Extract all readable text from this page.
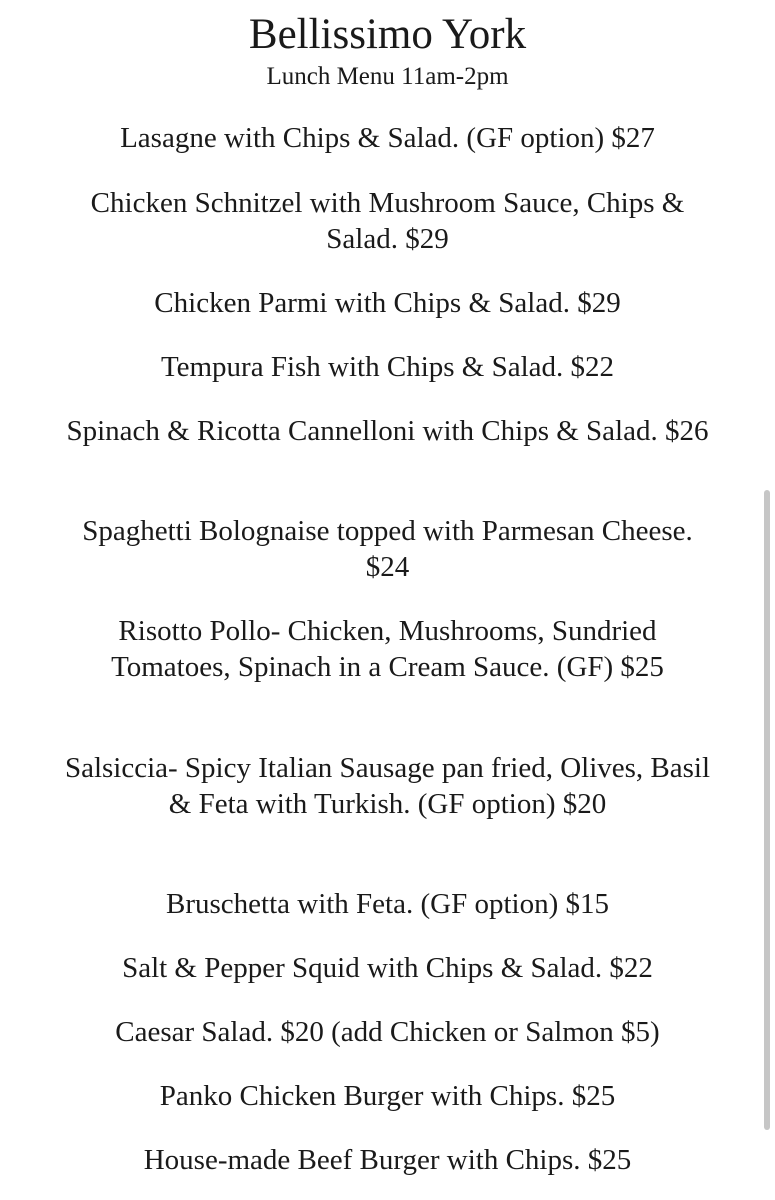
Bellissimo York

Lunch Menu 11am-2pm

Lasagne with Chips & Salad. (GF option) $27

Chicken Schnitzel with Mushroom Sauce, Chips & Salad. $29

Chicken Parmi with Chips & Salad. $29

Tempura Fish with Chips & Salad. $22

Spinach & Ricotta Cannelloni with Chips & Salad. $26

Spaghetti Bolognaise topped with Parmesan Cheese. $24

Risotto Pollo- Chicken, Mushrooms, Sundried Tomatoes, Spinach in a Cream Sauce. (GF) $25

Salsiccia- Spicy Italian Sausage pan fried, Olives, Basil & Feta with Turkish. (GF option) $20

Bruschetta with Feta. (GF option) $15

Salt & Pepper Squid with Chips & Salad. $22

Caesar Salad. $20 (add Chicken or Salmon $5)

Panko Chicken Burger with Chips. $25

House-made Beef Burger with Chips. $25
